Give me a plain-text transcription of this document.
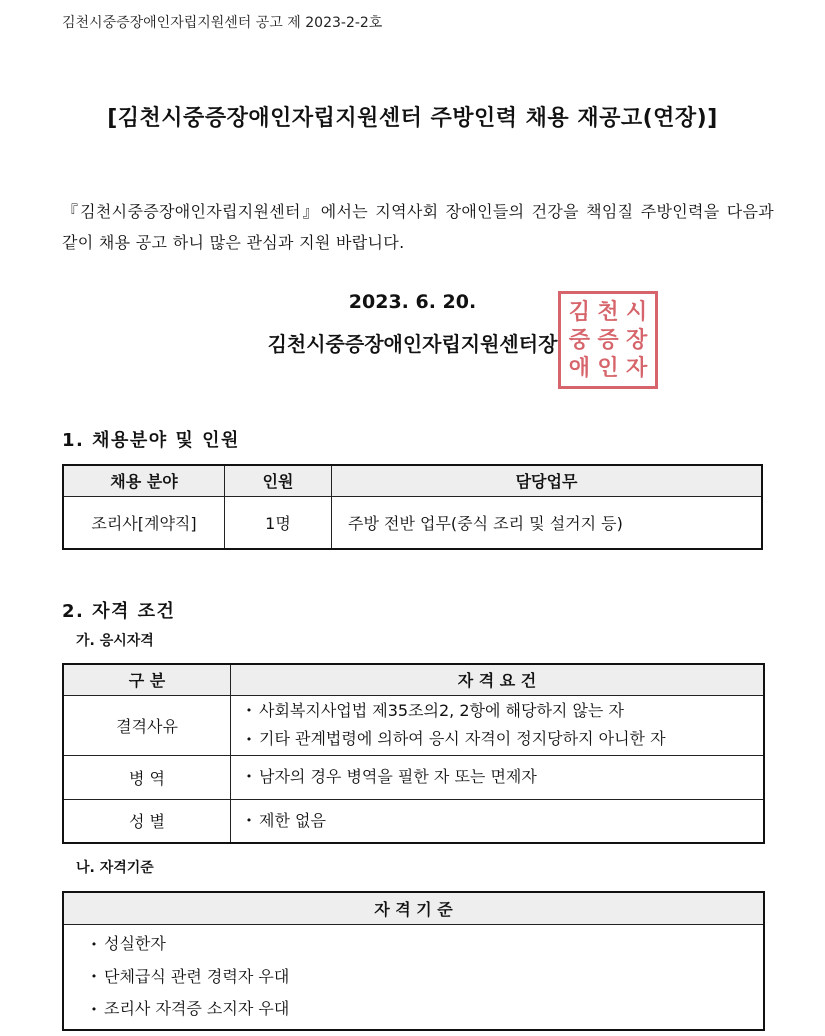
김천시중증장애인자립지원센터 공고 제 2023-2-2호
[김천시중증장애인자립지원센터 주방인력 채용 재공고(연장)]
『김천시중증장애인자립지원센터』에서는 지역사회 장애인들의 건강을 책임질 주방인력을 다음과 같이 채용 공고 하니 많은 관심과 지원 바랍니다.
2023. 6. 20.	김 천 시
중 증 장
애 인 자
김천시중증장애인자립지원센터장
1. 채용분야 및 인원
채용 분야	인원	담당업무
조리사[계약직]	1명	주방 전반 업무(중식 조리 및 설거지 등)
2. 자격 조건
가. 응시자격
구 분	자 격 요 건
결격사유	• 사회복지사업법 제35조의2, 2항에 해당하지 않는 자
• 기타 관계법령에 의하여 응시 자격이 정지당하지 아니한 자

병 역	• 남자의 경우 병역을 필한 자 또는 면제자

성 별	• 제한 없음
나. 자격기준
자 격 기 준

• 성실한자
• 단체급식 관련 경력자 우대
• 조리사 자격증 소지자 우대
